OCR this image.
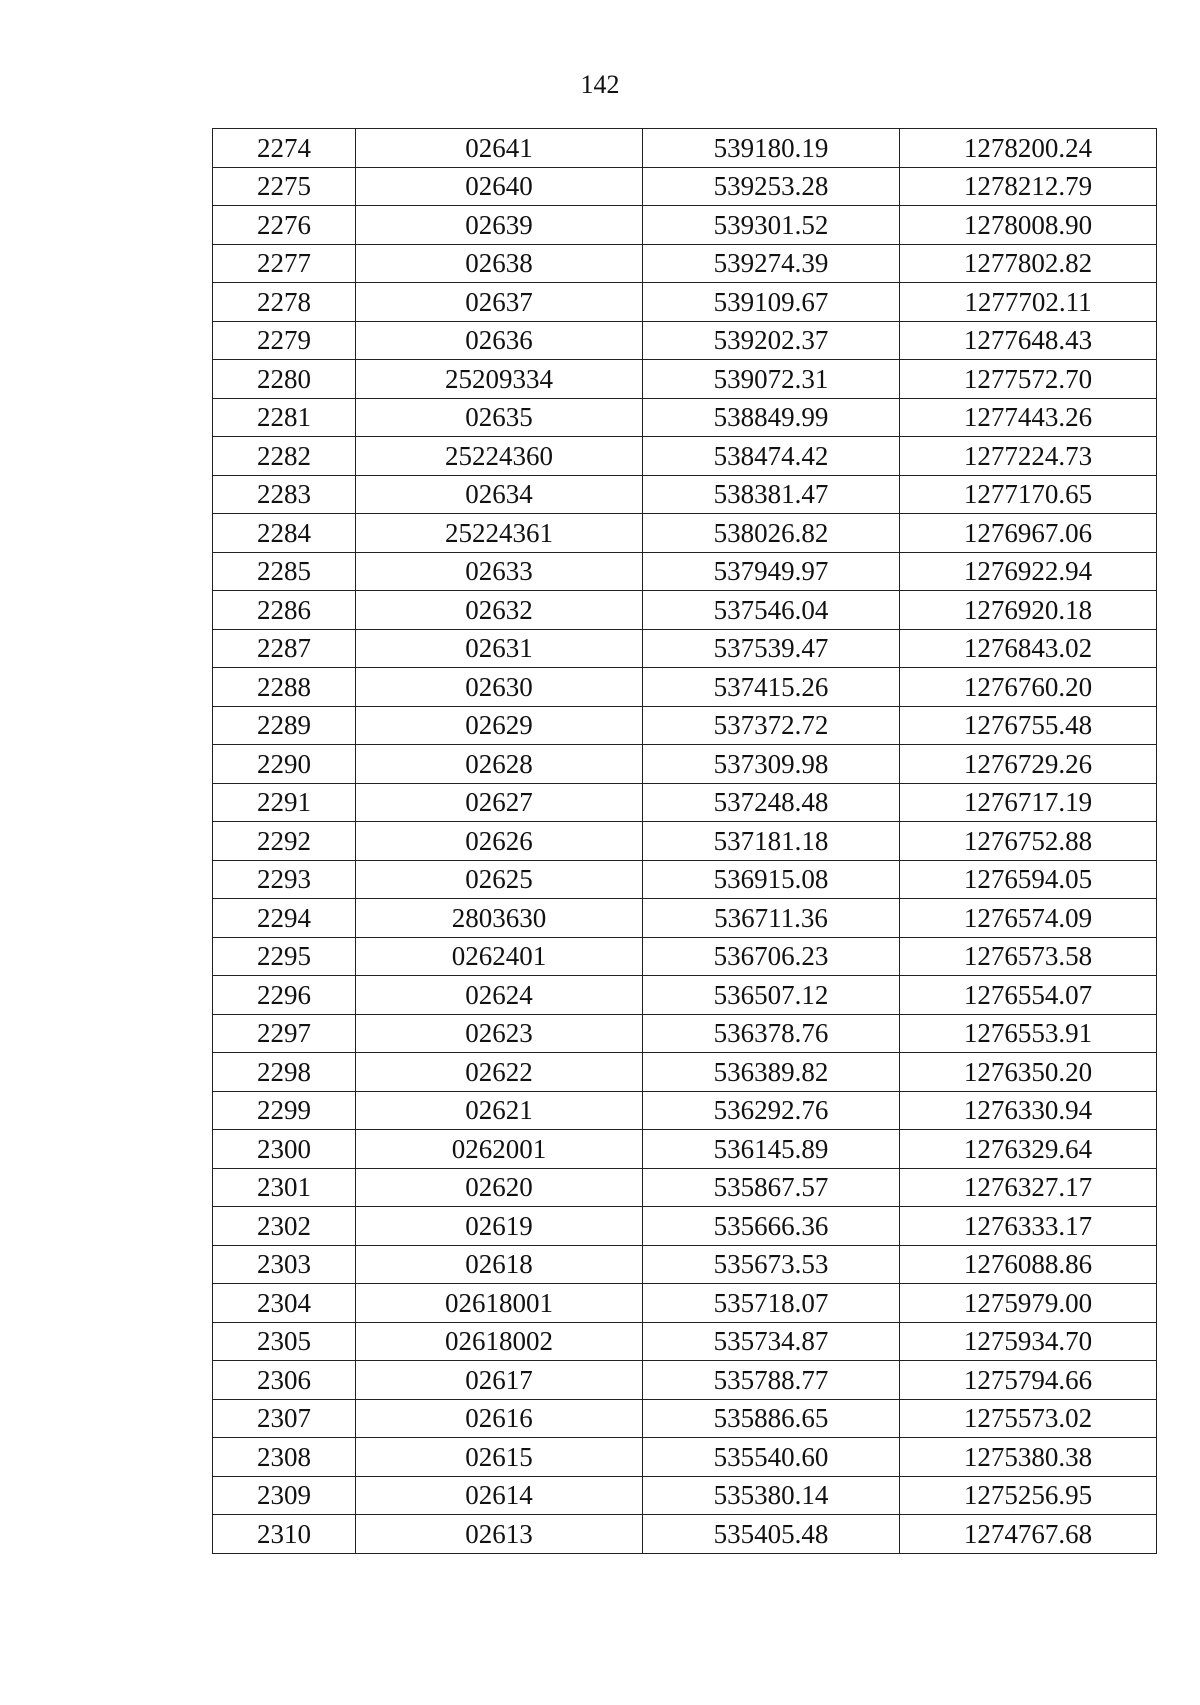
142
2274	02641	539180.19	1278200.24
2275	02640	539253.28	1278212.79
2276	02639	539301.52	1278008.90
2277	02638	539274.39	1277802.82
2278	02637	539109.67	1277702.11
2279	02636	539202.37	1277648.43
2280	25209334	539072.31	1277572.70
2281	02635	538849.99	1277443.26
2282	25224360	538474.42	1277224.73
2283	02634	538381.47	1277170.65
2284	25224361	538026.82	1276967.06
2285	02633	537949.97	1276922.94
2286	02632	537546.04	1276920.18
2287	02631	537539.47	1276843.02
2288	02630	537415.26	1276760.20
2289	02629	537372.72	1276755.48
2290	02628	537309.98	1276729.26
2291	02627	537248.48	1276717.19
2292	02626	537181.18	1276752.88
2293	02625	536915.08	1276594.05
2294	2803630	536711.36	1276574.09
2295	0262401	536706.23	1276573.58
2296	02624	536507.12	1276554.07
2297	02623	536378.76	1276553.91
2298	02622	536389.82	1276350.20
2299	02621	536292.76	1276330.94
2300	0262001	536145.89	1276329.64
2301	02620	535867.57	1276327.17
2302	02619	535666.36	1276333.17
2303	02618	535673.53	1276088.86
2304	02618001	535718.07	1275979.00
2305	02618002	535734.87	1275934.70
2306	02617	535788.77	1275794.66
2307	02616	535886.65	1275573.02
2308	02615	535540.60	1275380.38
2309	02614	535380.14	1275256.95
2310	02613	535405.48	1274767.68
